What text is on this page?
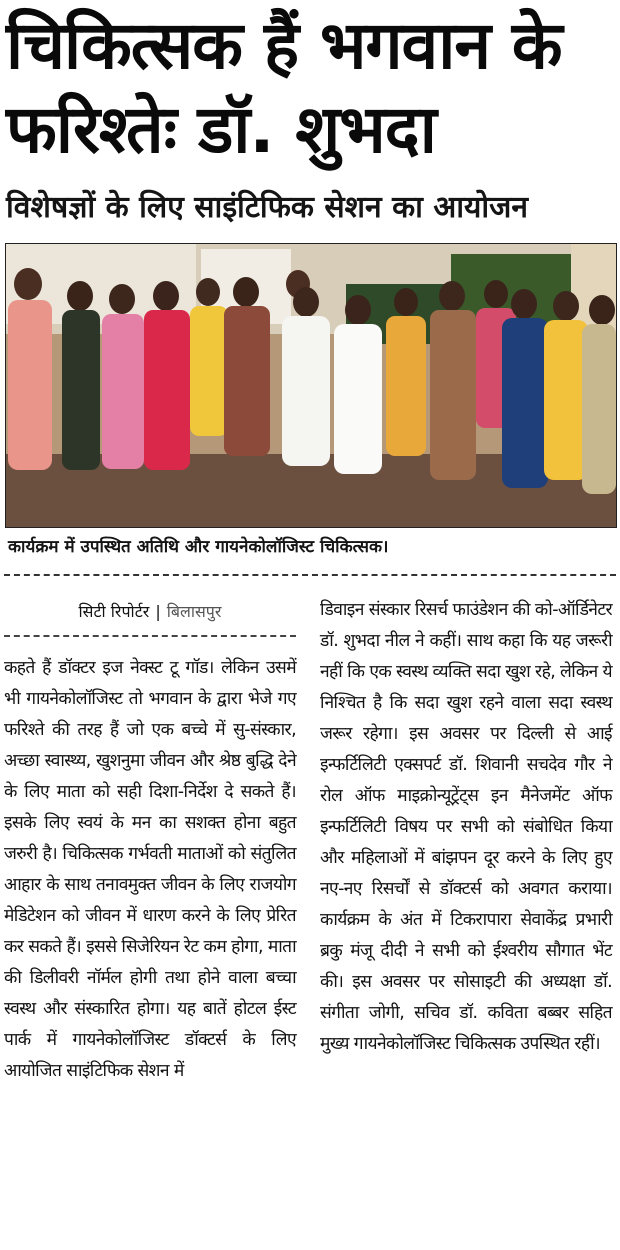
चिकित्सक हैं भगवान के फरिश्तेः डॉ. शुभदा
विशेषज्ञों के लिए साइंटिफिक सेशन का आयोजन
कार्यक्रम में उपस्थित अतिथि और गायनेकोलॉजिस्ट चिकित्सक।
सिटी रिपोर्टर | बिलासपुर

कहते हैं डॉक्टर इज नेक्स्ट टू गॉड। लेकिन उसमें भी गायनेकोलॉजिस्ट तो भगवान के द्वारा भेजे गए फरिश्ते की तरह हैं जो एक बच्चे में सु-संस्कार, अच्छा स्वास्थ्य, खुशनुमा जीवन और श्रेष्ठ बुद्धि देने के लिए माता को सही दिशा-निर्देश दे सकते हैं। इसके लिए स्वयं के मन का सशक्त होना बहुत जरुरी है। चिकित्सक गर्भवती माताओं को संतुलित आहार के साथ तनावमुक्त जीवन के लिए राजयोग मेडिटेशन को जीवन में धारण करने के लिए प्रेरित कर सकते हैं। इससे सिजेरियन रेट कम होगा, माता की डिलीवरी नॉर्मल होगी तथा होने वाला बच्चा स्वस्थ और संस्कारित होगा। यह बातें होटल ईस्ट पार्क में गायनेकोलॉजिस्ट डॉक्टर्स के लिए आयोजित साइंटिफिक सेशन में

डिवाइन संस्कार रिसर्च फाउंडेशन की को-ऑर्डिनेटर डॉ. शुभदा नील ने कहीं। साथ कहा कि यह जरूरी नहीं कि एक स्वस्थ व्यक्ति सदा खुश रहे, लेकिन ये निश्चित है कि सदा खुश रहने वाला सदा स्वस्थ जरूर रहेगा। इस अवसर पर दिल्ली से आई इन्फर्टिलिटी एक्सपर्ट डॉ. शिवानी सचदेव गौर ने रोल ऑफ माइक्रोन्यूट्रेंट्स इन मैनेजमेंट ऑफ इन्फर्टिलिटी विषय पर सभी को संबोधित किया और महिलाओं में बांझपन दूर करने के लिए हुए नए-नए रिसर्चों से डॉक्टर्स को अवगत कराया। कार्यक्रम के अंत में टिकरापारा सेवाकेंद्र प्रभारी ब्रकु मंजू दीदी ने सभी को ईश्वरीय सौगात भेंट की। इस अवसर पर सोसाइटी की अध्यक्षा डॉ. संगीता जोगी, सचिव डॉ. कविता बब्बर सहित मुख्य गायनेकोलॉजिस्ट चिकित्सक उपस्थित रहीं।
